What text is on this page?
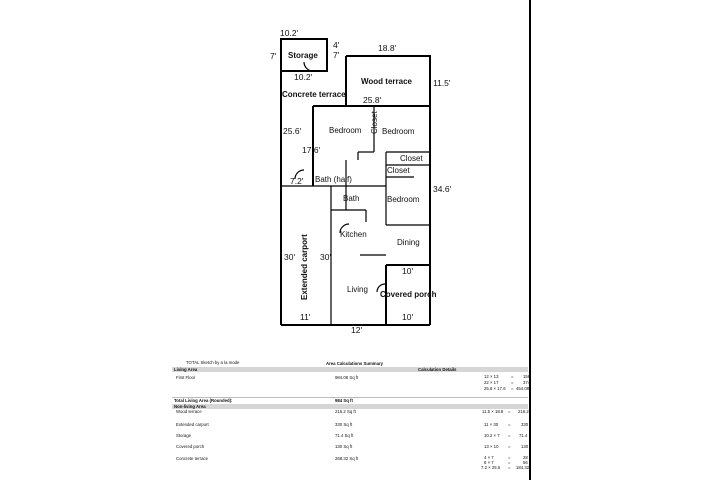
10.2'
7'
4'
7'
10.2'
18.8'
11.5'
25.8'
25.6'
17.6'
7.2'
34.6'
30'	30'
10'
11'
12'
10'
Storage
Wood terrace
Concrete terrace
Bedroom Closet Bedroom
Closet
Closet
Bath (half)
Bath	Bedroom
Kitchen
Dining
Extended carport	Living
Covered porch
TOTAL Sketch by a la mode	Area Calculations Summary
Living Area	Calculation Details
First Floor	984.08 Sq ft	12 × 13	= 156
22 × 17	= 374
25.8 × 17.6 = 454.08
Total Living Area (Rounded):	984 Sq ft
Non-living Area
Wood terrace	216.2 Sq ft	11.5 × 18.8 = 216.2
Extended carport	330 Sq ft	11 × 30 = 330
Storage	71.4 Sq ft	10.2 × 7 = 71.4
Covered porch	130 Sq ft	13 × 10 = 130
Concrete terrace	268.32 Sq ft	4 × 7	=	28
8 × 7	=	56
7.2 × 25.6 = 184.32
